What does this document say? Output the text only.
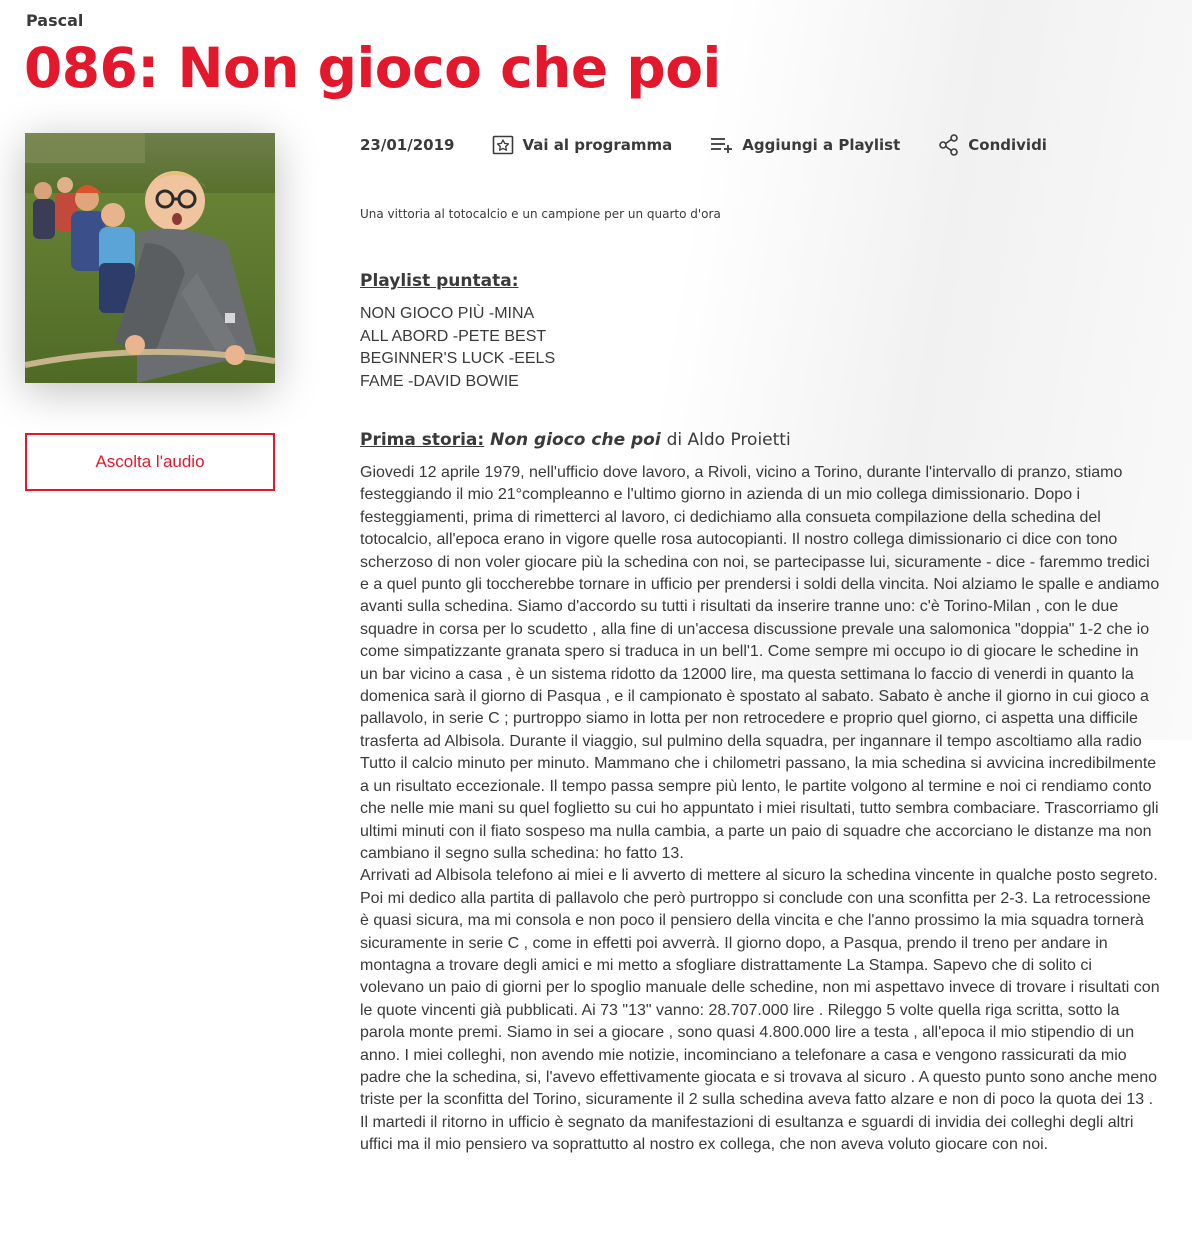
Pascal
086: Non gioco che poi
Ascolta l'audio
23/01/2019	Vai al programma	Aggiungi a Playlist	Condividi
Una vittoria al totocalcio e un campione per un quarto d'ora
Playlist puntata:
NON GIOCO PIÙ -MINA
ALL ABORD -PETE BEST
BEGINNER'S LUCK -EELS
FAME -DAVID BOWIE
Prima storia: Non gioco che poi di Aldo Proietti

Giovedi 12 aprile 1979, nell'ufficio dove lavoro, a Rivoli, vicino a Torino, durante l'intervallo di pranzo, stiamo festeggiando il mio 21°compleanno e l'ultimo giorno in azienda di un mio collega dimissionario. Dopo i festeggiamenti, prima di rimetterci al lavoro, ci dedichiamo alla consueta compilazione della schedina del totocalcio, all'epoca erano in vigore quelle rosa autocopianti. Il nostro collega dimissionario ci dice con tono scherzoso di non voler giocare più la schedina con noi, se partecipasse lui, sicuramente - dice - faremmo tredici e a quel punto gli toccherebbe tornare in ufficio per prendersi i soldi della vincita. Noi alziamo le spalle e andiamo avanti sulla schedina. Siamo d'accordo su tutti i risultati da inserire tranne uno: c'è Torino-Milan , con le due squadre in corsa per lo scudetto , alla fine di un'accesa discussione prevale una salomonica "doppia" 1-2 che io come simpatizzante granata spero si traduca in un bell'1. Come sempre mi occupo io di giocare le schedine in un bar vicino a casa , è un sistema ridotto da 12000 lire, ma questa settimana lo faccio di venerdi in quanto la domenica sarà il giorno di Pasqua , e il campionato è spostato al sabato. Sabato è anche il giorno in cui gioco a pallavolo, in serie C ; purtroppo siamo in lotta per non retrocedere e proprio quel giorno, ci aspetta una difficile trasferta ad Albisola. Durante il viaggio, sul pulmino della squadra, per ingannare il tempo ascoltiamo alla radio Tutto il calcio minuto per minuto. Mammano che i chilometri passano, la mia schedina si avvicina incredibilmente a un risultato eccezionale. Il tempo passa sempre più lento, le partite volgono al termine e noi ci rendiamo conto che nelle mie mani su quel foglietto su cui ho appuntato i miei risultati, tutto sembra combaciare. Trascorriamo gli ultimi minuti con il fiato sospeso ma nulla cambia, a parte un paio di squadre che accorciano le distanze ma non cambiano il segno sulla schedina: ho fatto 13.

Arrivati ad Albisola telefono ai miei e li avverto di mettere al sicuro la schedina vincente in qualche posto segreto. Poi mi dedico alla partita di pallavolo che però purtroppo si conclude con una sconfitta per 2-3. La retrocessione è quasi sicura, ma mi consola e non poco il pensiero della vincita e che l'anno prossimo la mia squadra tornerà sicuramente in serie C , come in effetti poi avverrà. Il giorno dopo, a Pasqua, prendo il treno per andare in montagna a trovare degli amici e mi metto a sfogliare distrattamente La Stampa. Sapevo che di solito ci volevano un paio di giorni per lo spoglio manuale delle schedine, non mi aspettavo invece di trovare i risultati con le quote vincenti già pubblicati. Ai 73 "13" vanno: 28.707.000 lire . Rileggo 5 volte quella riga scritta, sotto la parola monte premi. Siamo in sei a giocare , sono quasi 4.800.000 lire a testa , all'epoca il mio stipendio di un anno. I miei colleghi, non avendo mie notizie, incominciano a telefonare a casa e vengono rassicurati da mio padre che la schedina, si, l'avevo effettivamente giocata e si trovava al sicuro . A questo punto sono anche meno triste per la sconfitta del Torino, sicuramente il 2 sulla schedina aveva fatto alzare e non di poco la quota dei 13 . Il martedi il ritorno in ufficio è segnato da manifestazioni di esultanza e sguardi di invidia dei colleghi degli altri uffici ma il mio pensiero va soprattutto al nostro ex collega, che non aveva voluto giocare con noi.
